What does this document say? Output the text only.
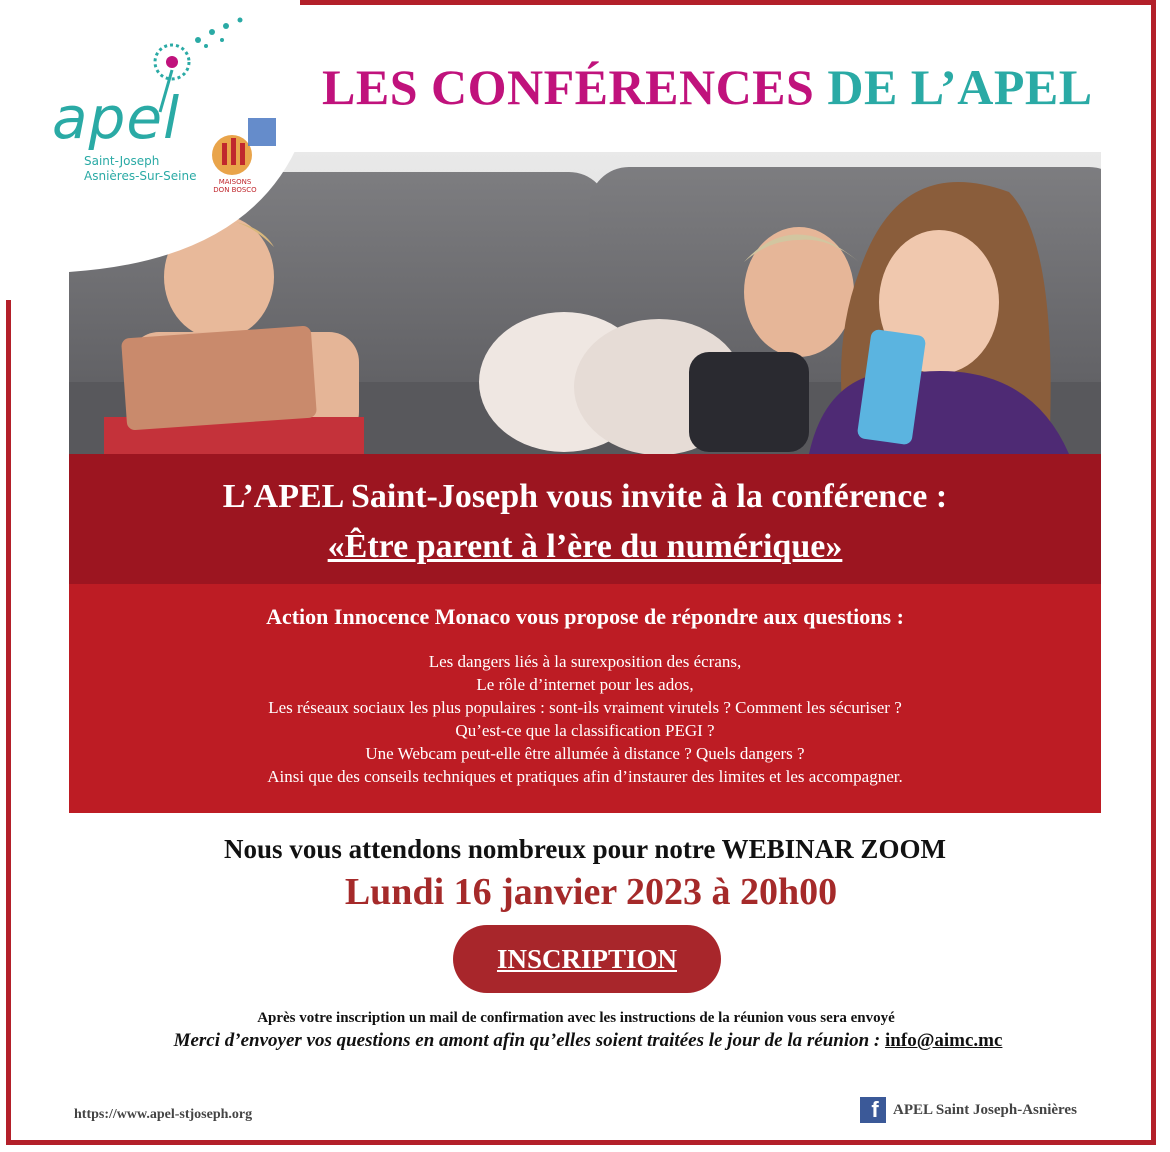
apel
Saint-Joseph
Asnières-Sur-Seine	MAISONS DON BOSCO
LES CONFÉRENCES DE L’APEL
L’APEL Saint-Joseph vous invite à la conférence :
«Être parent à l’ère du numérique»
Action Innocence Monaco vous propose de répondre aux questions :
Les dangers liés à la surexposition des écrans,
Le rôle d’internet pour les ados,
Les réseaux sociaux les plus populaires : sont-ils vraiment virutels ? Comment les sécuriser ?
Qu’est-ce que la classification PEGI ?
Une Webcam peut-elle être allumée à distance ? Quels dangers ?
Ainsi que des conseils techniques et pratiques afin d’instaurer des limites et les accompagner.
Nous vous attendons nombreux pour notre WEBINAR ZOOM
Lundi 16 janvier 2023 à 20h00
INSCRIPTION
Après votre inscription un mail de confirmation avec les instructions de la réunion vous sera envoyé
Merci d’envoyer vos questions en amont afin qu’elles soient traitées le jour de la réunion : info@aimc.mc
https://www.apel-stjoseph.org	f APEL Saint Joseph-Asnières
